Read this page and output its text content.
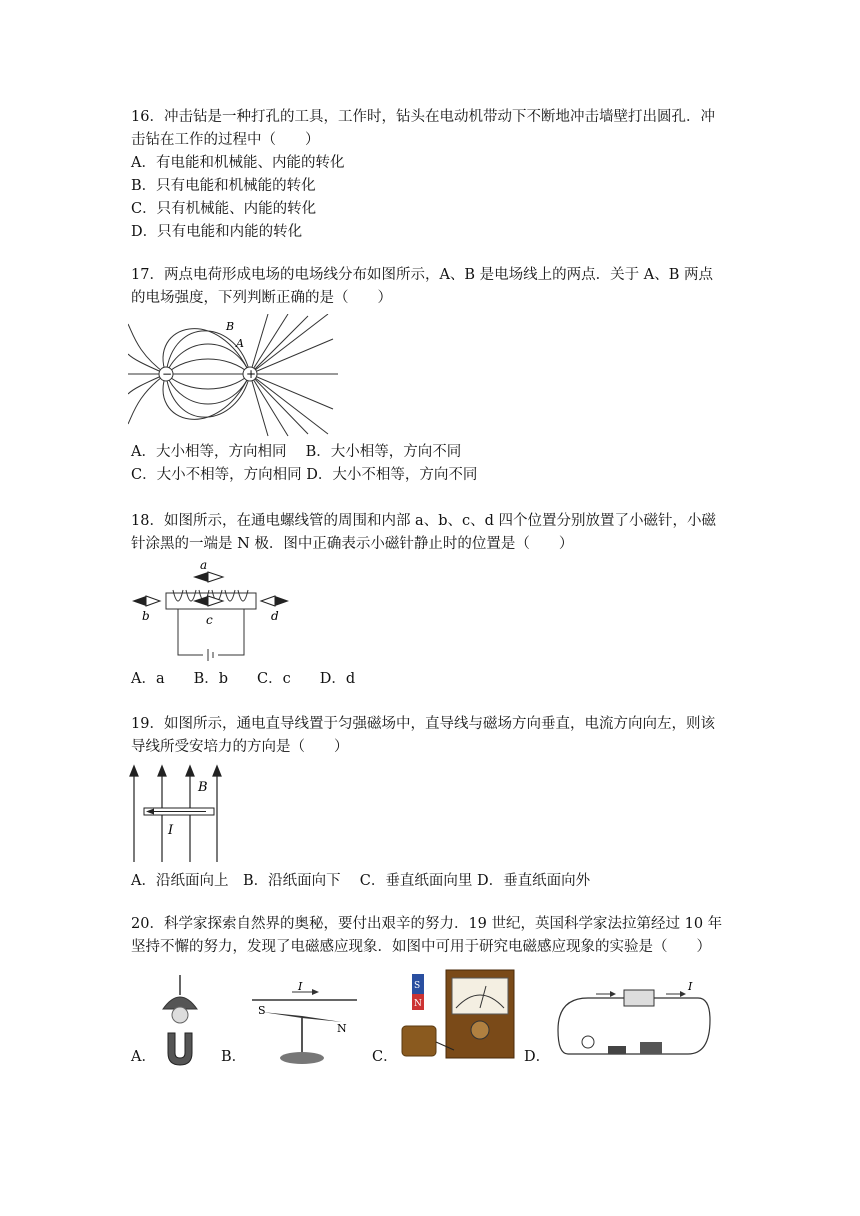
16．冲击钻是一种打孔的工具，工作时，钻头在电动机带动下不断地冲击墙壁打出圆孔．冲

击钻在工作的过程中（　　）

A．有电能和机械能、内能的转化

B．只有电能和机械能的转化

C．只有机械能、内能的转化

D．只有电能和内能的转化

17．两点电荷形成电场的电场线分布如图所示，A、B 是电场线上的两点．关于 A、B 两点

的电场强度，下列判断正确的是（　　）

−	+
B
A

A．大小相等，方向相同　 B．大小相等，方向不同

C．大小不相等，方向相同 D．大小不相等，方向不同

18．如图所示，在通电螺线管的周围和内部 a、b、c、d 四个位置分别放置了小磁针，小磁

针涂黑的一端是 N 极．图中正确表示小磁针静止时的位置是（　　）

a
b	c	d

A．a　　B．b　　C．c　　D．d

19．如图所示，通电直导线置于匀强磁场中，直导线与磁场方向垂直，电流方向向左，则该

导线所受安培力的方向是（　　）

B
I

A．沿纸面向上　B．沿纸面向下　 C．垂直纸面向里 D．垂直纸面向外

20．科学家探索自然界的奥秘，要付出艰辛的努力．19 世纪，英国科学家法拉第经过 10 年

坚持不懈的努力，发现了电磁感应现象．如图中可用于研究电磁感应现象的实验是（　　）

A．	B．
I
S
N
C．
S
N
D．
I
